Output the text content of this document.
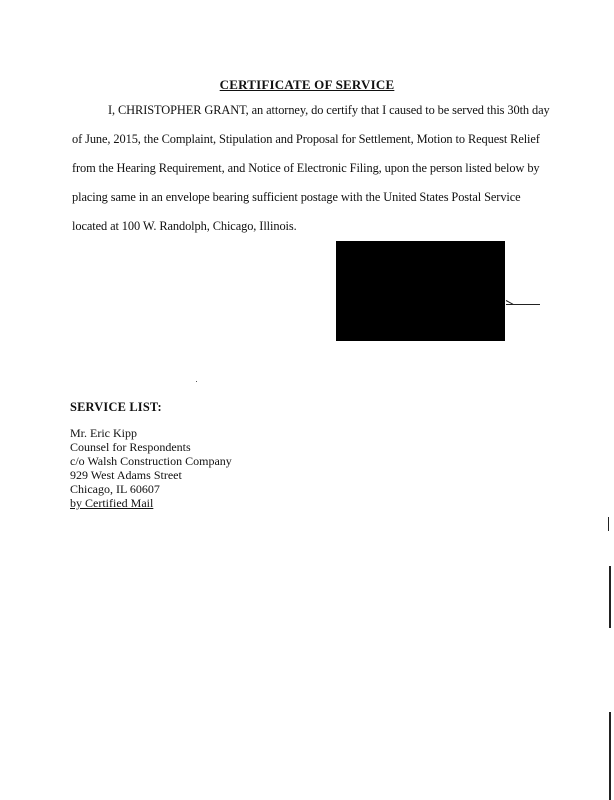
CERTIFICATE OF SERVICE
I, CHRISTOPHER GRANT, an attorney, do certify that I caused to be served this 30th day
of June, 2015, the Complaint, Stipulation and Proposal for Settlement, Motion to Request Relief
from the Hearing Requirement, and Notice of Electronic Filing, upon the person listed below by
placing same in an envelope bearing sufficient postage with the United States Postal Service
located at 100 W. Randolph, Chicago, Illinois.
SERVICE LIST:
Mr. Eric Kipp
Counsel for Respondents
c/o Walsh Construction Company
929 West Adams Street
Chicago, IL 60607
by Certified Mail
